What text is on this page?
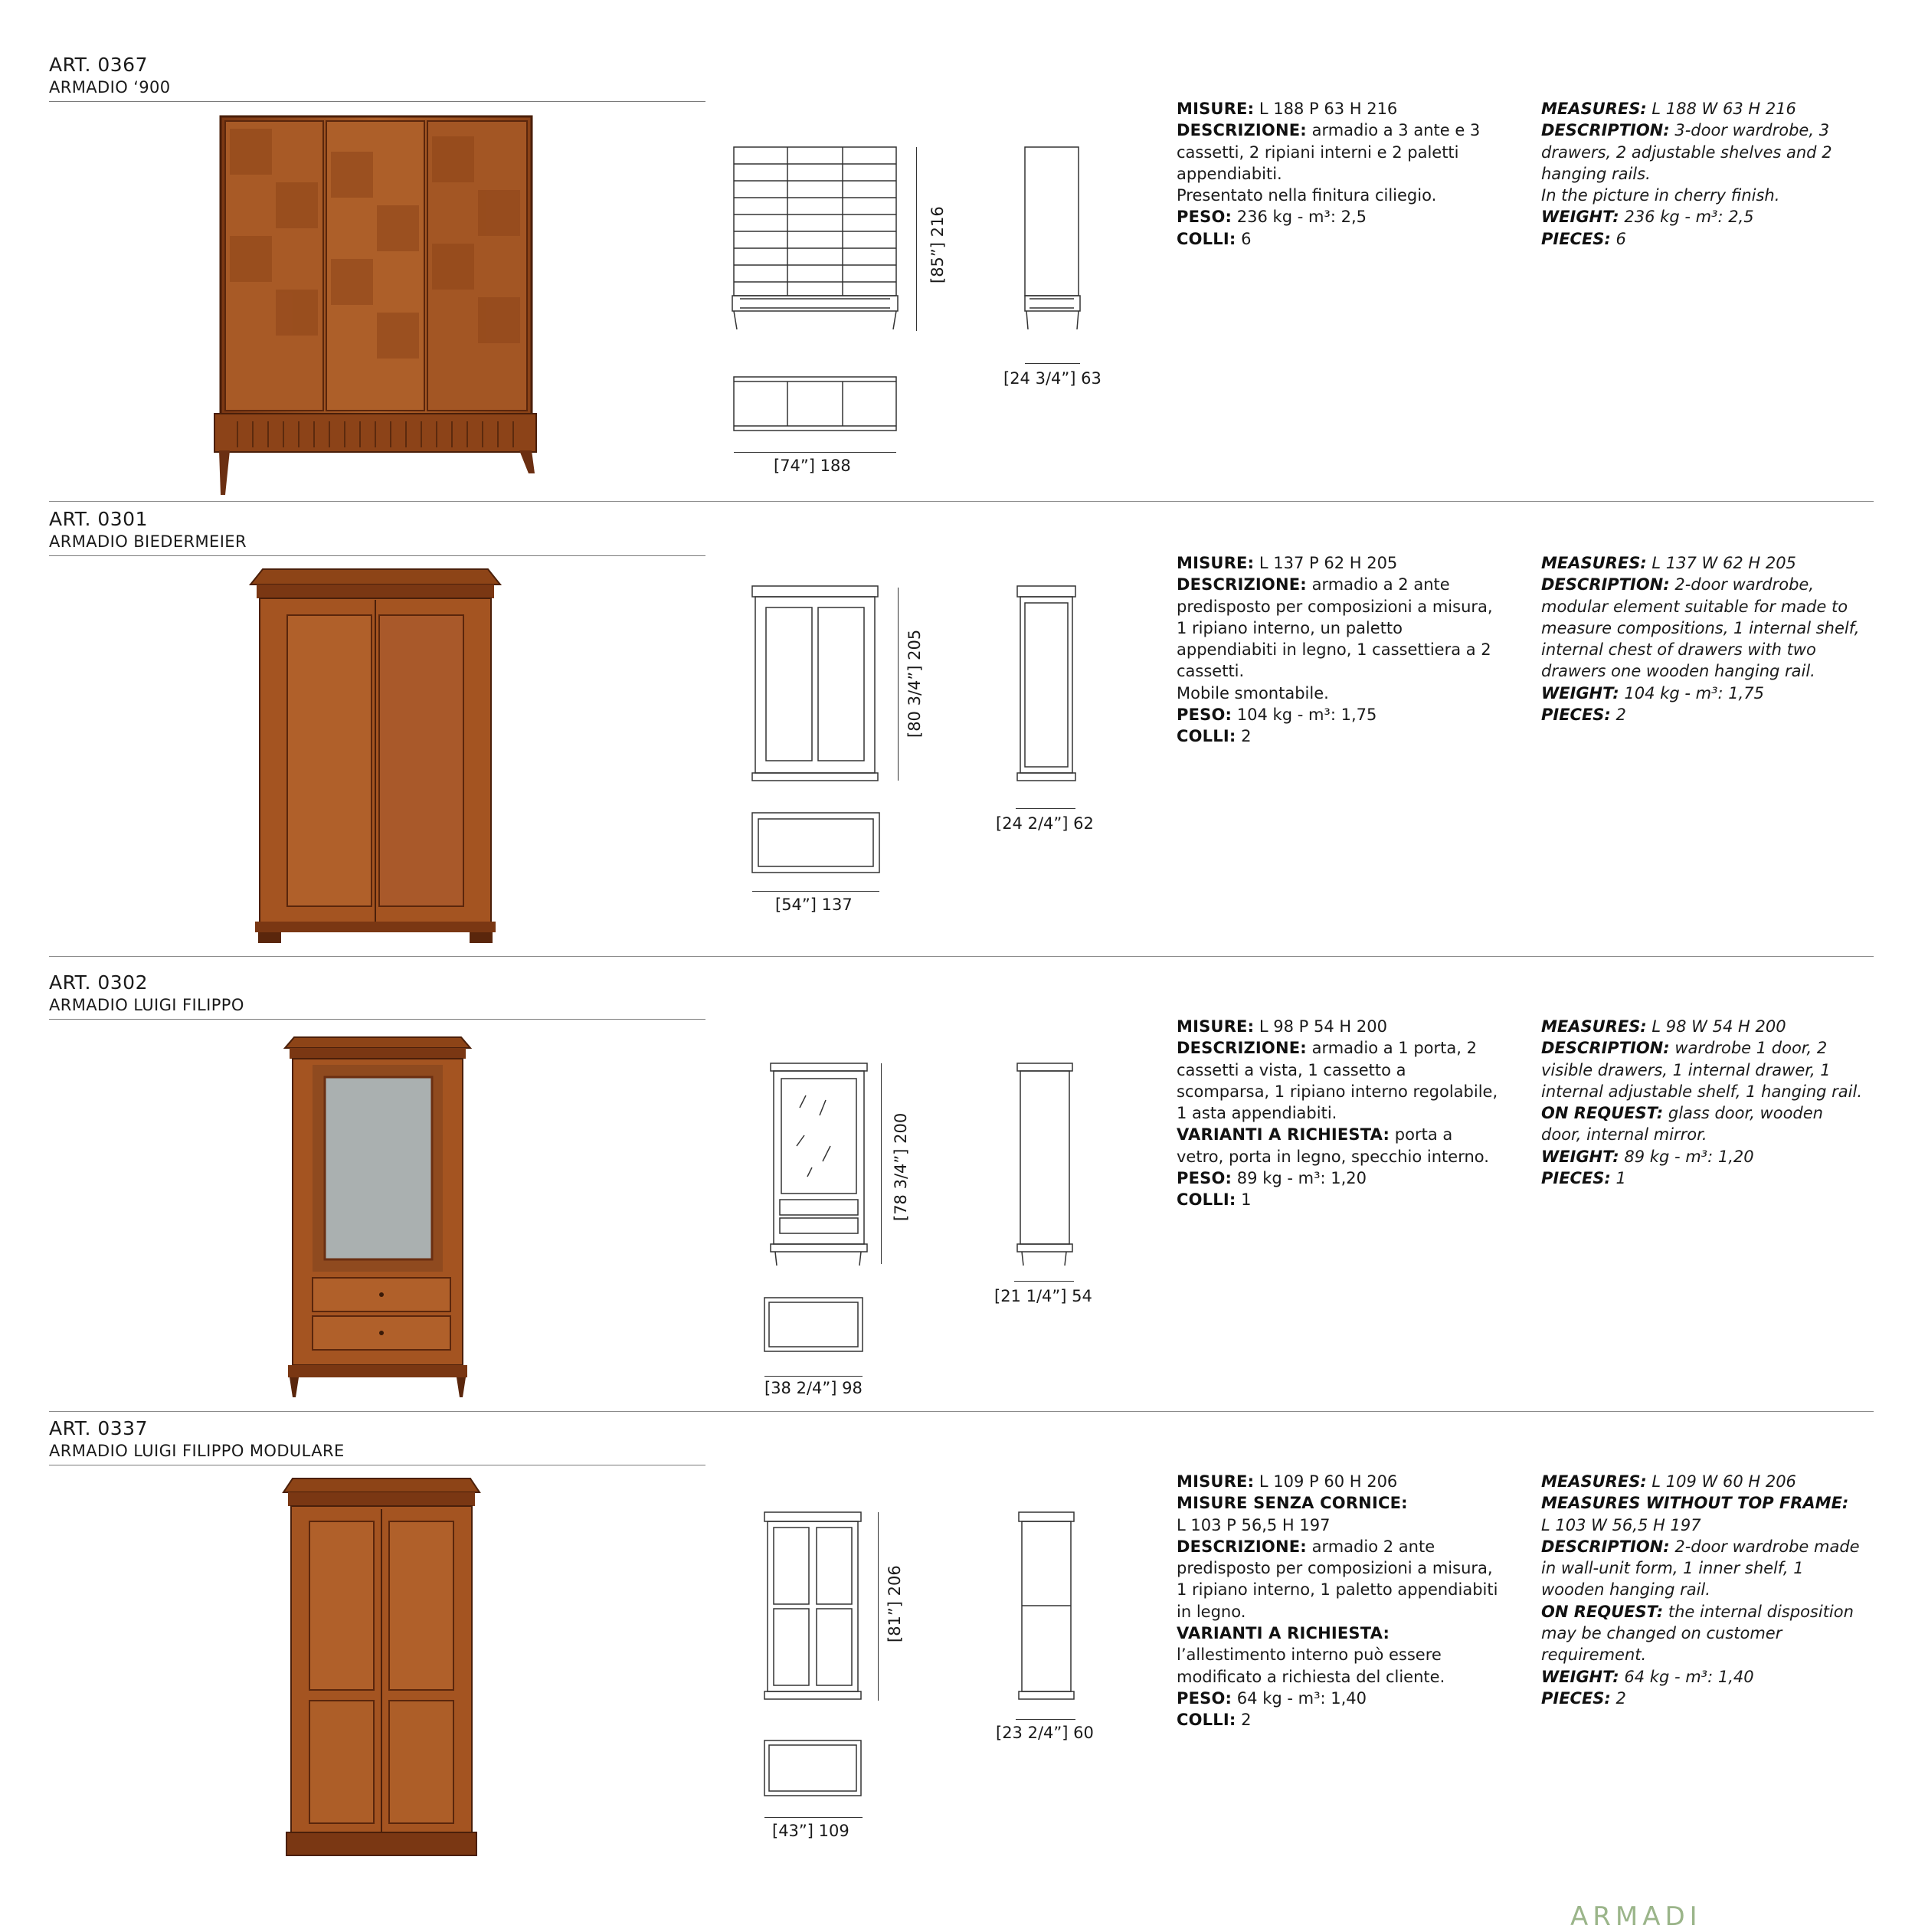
ART. 0367
ARMADIO ‘900
[85”] 216
[24 3/4”] 63
[74”] 188

MISURE: L 188 P 63 H 216

DESCRIZIONE: armadio a 3 ante e 3 cassetti, 2 ripiani interni e 2 paletti appendiabiti.

Presentato nella finitura ciliegio.

PESO: 236 kg - m³: 2,5

COLLI: 6

MEASURES: L 188 W 63 H 216

DESCRIPTION: 3-door wardrobe, 3 drawers, 2 adjustable shelves and 2 hanging rails.

In the picture in cherry finish.

WEIGHT: 236 kg - m³: 2,5

PIECES: 6

ART. 0301
ARMADIO BIEDERMEIER
[80 3/4”] 205
[24 2/4”] 62
[54”] 137

MISURE: L 137 P 62 H 205

DESCRIZIONE: armadio a 2 ante predisposto per composizioni a misura, 1 ripiano interno, un paletto appendiabiti in legno, 1 cassettiera a 2 cassetti.

Mobile smontabile.

PESO: 104 kg - m³: 1,75

COLLI: 2

MEASURES: L 137 W 62 H 205

DESCRIPTION: 2-door wardrobe, modular element suitable for made to measure compositions, 1 internal shelf, internal chest of drawers with two drawers one wooden hanging rail.

WEIGHT: 104 kg - m³: 1,75

PIECES: 2

ART. 0302
ARMADIO LUIGI FILIPPO
[78 3/4”] 200
[21 1/4”] 54
[38 2/4”] 98

MISURE: L 98 P 54 H 200

DESCRIZIONE: armadio a 1 porta, 2 cassetti a vista, 1 cassetto a scomparsa, 1 ripiano interno regolabile, 1 asta appendiabiti.

VARIANTI A RICHIESTA: porta a vetro, porta in legno, specchio interno.

PESO: 89 kg - m³: 1,20

COLLI: 1

MEASURES: L 98 W 54 H 200

DESCRIPTION: wardrobe 1 door, 2 visible drawers, 1 internal drawer, 1 internal adjustable shelf, 1 hanging rail.

ON REQUEST: glass door, wooden door, internal mirror.

WEIGHT: 89 kg - m³: 1,20

PIECES: 1

ART. 0337
ARMADIO LUIGI FILIPPO MODULARE
[81”] 206
[23 2/4”] 60
[43”] 109

MISURE: L 109 P 60 H 206

MISURE SENZA CORNICE:

L 103 P 56,5 H 197

DESCRIZIONE: armadio 2 ante predisposto per composizioni a misura, 1 ripiano interno, 1 paletto appendiabiti in legno.

VARIANTI A RICHIESTA: l’allestimento interno può essere modificato a richiesta del cliente.

PESO: 64 kg - m³: 1,40

COLLI: 2

MEASURES: L 109 W 60 H 206

MEASURES WITHOUT TOP FRAME:

L 103 W 56,5 H 197

DESCRIPTION: 2-door wardrobe made in wall-unit form, 1 inner shelf, 1 wooden hanging rail.

ON REQUEST: the internal disposition may be changed on customer requirement.

WEIGHT: 64 kg - m³: 1,40

PIECES: 2

ARMADI
